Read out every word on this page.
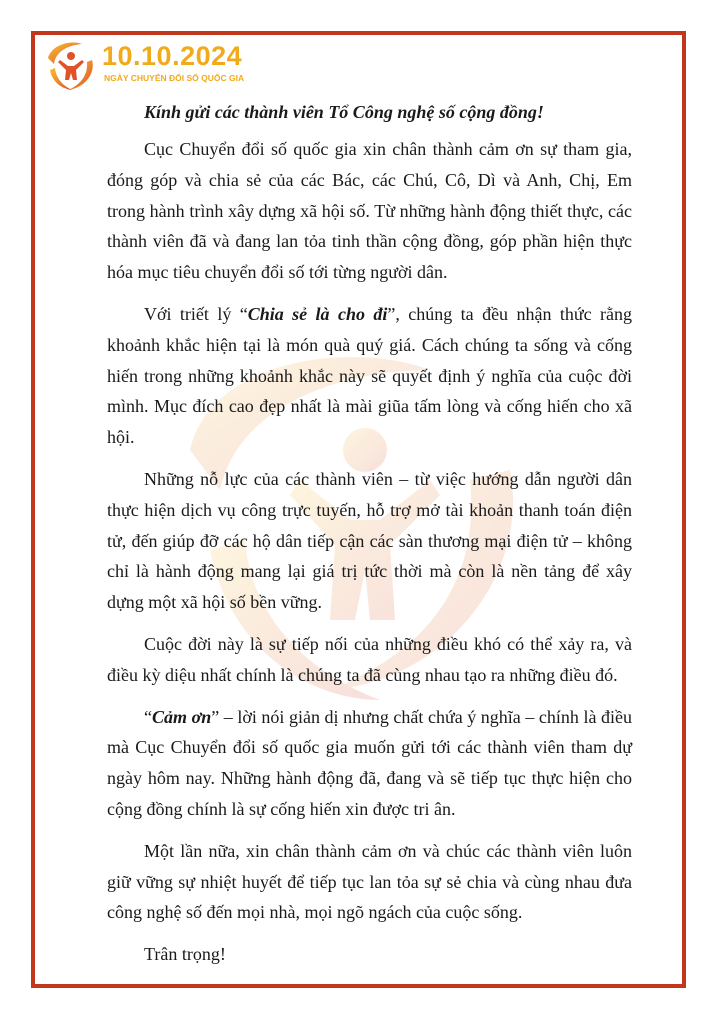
10.10.2024
NGÀY CHUYỂN ĐỔI SỐ QUỐC GIA

Kính gửi các thành viên Tổ Công nghệ số cộng đồng!

Cục Chuyển đổi số quốc gia xin chân thành cảm ơn sự tham gia, đóng góp và chia sẻ của các Bác, các Chú, Cô, Dì và Anh, Chị, Em trong hành trình xây dựng xã hội số. Từ những hành động thiết thực, các thành viên đã và đang lan tỏa tinh thần cộng đồng, góp phần hiện thực hóa mục tiêu chuyển đổi số tới từng người dân.

Với triết lý “Chia sẻ là cho đi”, chúng ta đều nhận thức rằng khoảnh khắc hiện tại là món quà quý giá. Cách chúng ta sống và cống hiến trong những khoảnh khắc này sẽ quyết định ý nghĩa của cuộc đời mình. Mục đích cao đẹp nhất là mài giũa tấm lòng và cống hiến cho xã hội.

Những nỗ lực của các thành viên – từ việc hướng dẫn người dân thực hiện dịch vụ công trực tuyến, hỗ trợ mở tài khoản thanh toán điện tử, đến giúp đỡ các hộ dân tiếp cận các sàn thương mại điện tử – không chỉ là hành động mang lại giá trị tức thời mà còn là nền tảng để xây dựng một xã hội số bền vững.

Cuộc đời này là sự tiếp nối của những điều khó có thể xảy ra, và điều kỳ diệu nhất chính là chúng ta đã cùng nhau tạo ra những điều đó.

“Cảm ơn” – lời nói giản dị nhưng chất chứa ý nghĩa – chính là điều mà Cục Chuyển đổi số quốc gia muốn gửi tới các thành viên tham dự ngày hôm nay. Những hành động đã, đang và sẽ tiếp tục thực hiện cho cộng đồng chính là sự cống hiến xin được tri ân.

Một lần nữa, xin chân thành cảm ơn và chúc các thành viên luôn giữ vững sự nhiệt huyết để tiếp tục lan tỏa sự sẻ chia và cùng nhau đưa công nghệ số đến mọi nhà, mọi ngõ ngách của cuộc sống.

Trân trọng!
